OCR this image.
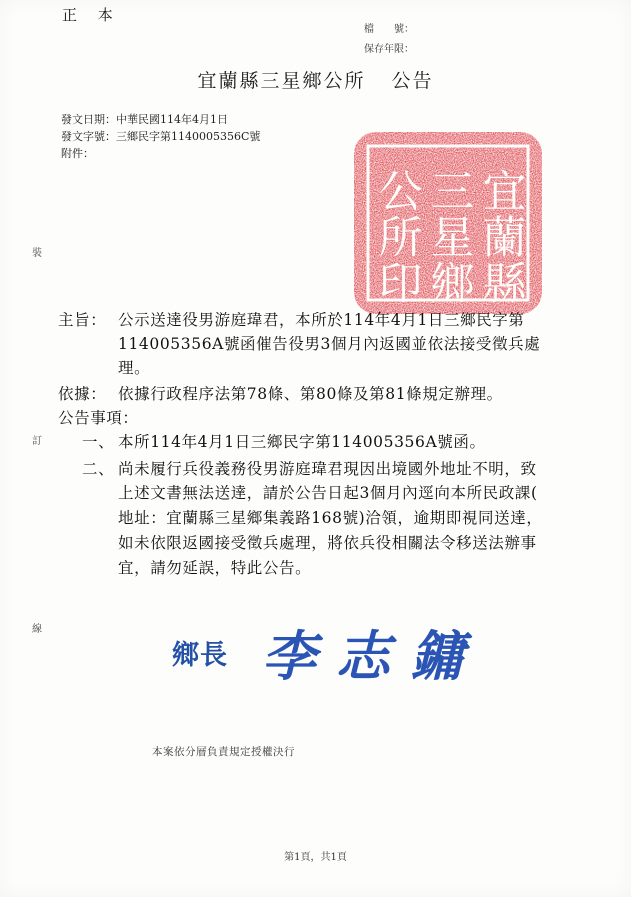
正 本
檔　　號：
保存年限：
宜蘭縣三星鄉公所 公告
發文日期：中華民國114年4月1日
發文字號：三鄉民字第1140005356C號
附件：
裝
訂
線
宜蘭縣
三星鄉
公所印
主旨： 公示送達役男游庭瑋君，本所於114年4月1日三鄉民字第
114005356A號函催告役男3個月內返國並依法接受徵兵處
理。
依據： 依據行政程序法第78條、第80條及第81條規定辦理。
公告事項：
一、 本所114年4月1日三鄉民字第114005356A號函。
二、 尚未履行兵役義務役男游庭瑋君現因出境國外地址不明，致
上述文書無法送達，請於公告日起3個月內逕向本所民政課(
地址：宜蘭縣三星鄉集義路168號)洽領，逾期即視同送達，
如未依限返國接受徵兵處理，將依兵役相關法令移送法辦事
宜，請勿延誤，特此公告。
鄉長 李志鏞
本案依分層負責規定授權決行
第1頁，共1頁
